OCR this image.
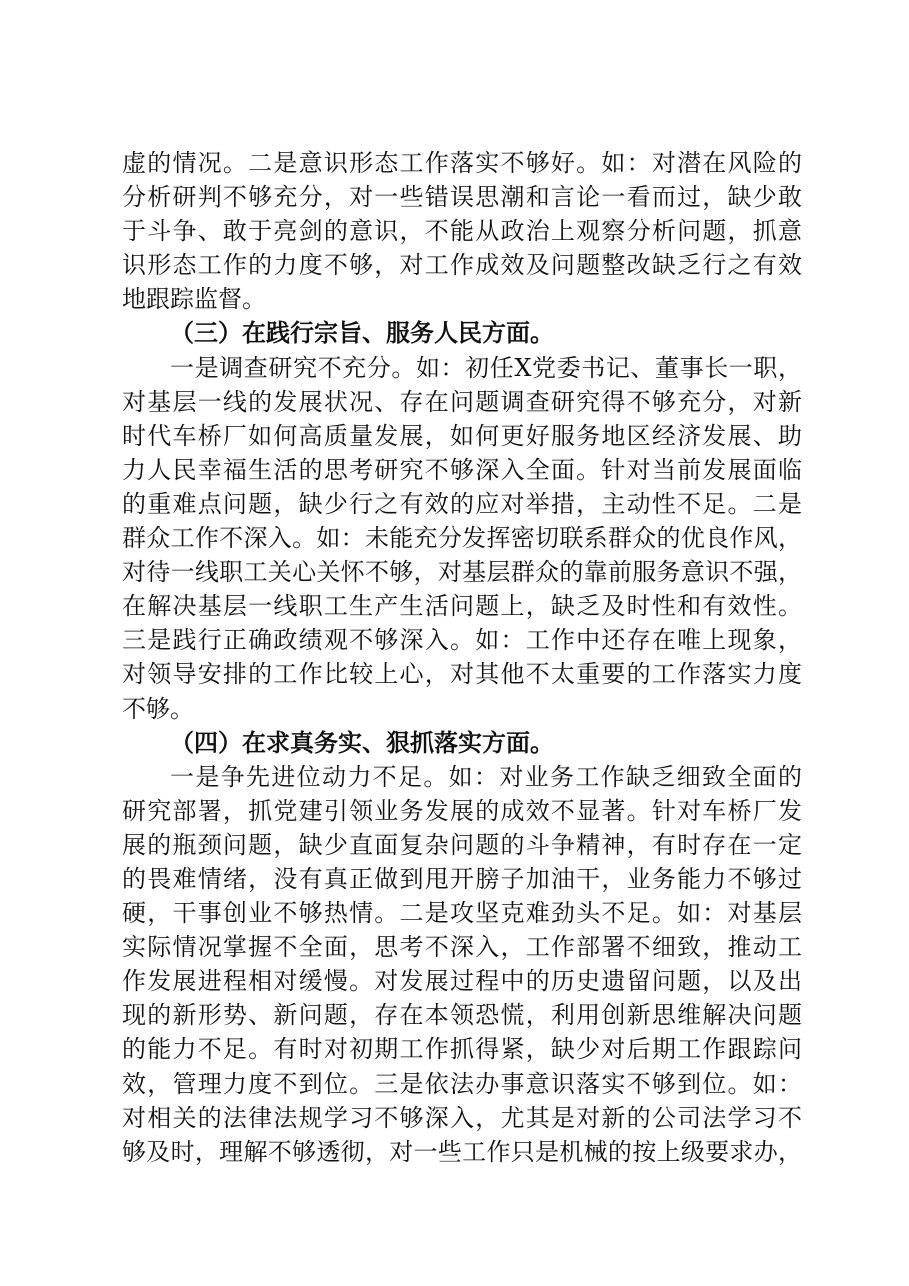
虚的情况。二是意识形态工作落实不够好。如：对潜在风险的
分析研判不够充分，对一些错误思潮和言论一看而过，缺少敢
于斗争、敢于亮剑的意识，不能从政治上观察分析问题，抓意
识形态工作的力度不够，对工作成效及问题整改缺乏行之有效
地跟踪监督。
（三）在践行宗旨、服务人民方面。
一是调查研究不充分。如：初任X党委书记、董事长一职，
对基层一线的发展状况、存在问题调查研究得不够充分，对新
时代车桥厂如何高质量发展，如何更好服务地区经济发展、助
力人民幸福生活的思考研究不够深入全面。针对当前发展面临
的重难点问题，缺少行之有效的应对举措，主动性不足。二是
群众工作不深入。如：未能充分发挥密切联系群众的优良作风，
对待一线职工关心关怀不够，对基层群众的靠前服务意识不强，
在解决基层一线职工生产生活问题上，缺乏及时性和有效性。
三是践行正确政绩观不够深入。如：工作中还存在唯上现象，
对领导安排的工作比较上心，对其他不太重要的工作落实力度
不够。
（四）在求真务实、狠抓落实方面。
一是争先进位动力不足。如：对业务工作缺乏细致全面的
研究部署，抓党建引领业务发展的成效不显著。针对车桥厂发
展的瓶颈问题，缺少直面复杂问题的斗争精神，有时存在一定
的畏难情绪，没有真正做到甩开膀子加油干，业务能力不够过
硬，干事创业不够热情。二是攻坚克难劲头不足。如：对基层
实际情况掌握不全面，思考不深入，工作部署不细致，推动工
作发展进程相对缓慢。对发展过程中的历史遗留问题，以及出
现的新形势、新问题，存在本领恐慌，利用创新思维解决问题
的能力不足。有时对初期工作抓得紧，缺少对后期工作跟踪问
效，管理力度不到位。三是依法办事意识落实不够到位。如：
对相关的法律法规学习不够深入，尤其是对新的公司法学习不
够及时，理解不够透彻，对一些工作只是机械的按上级要求办，
